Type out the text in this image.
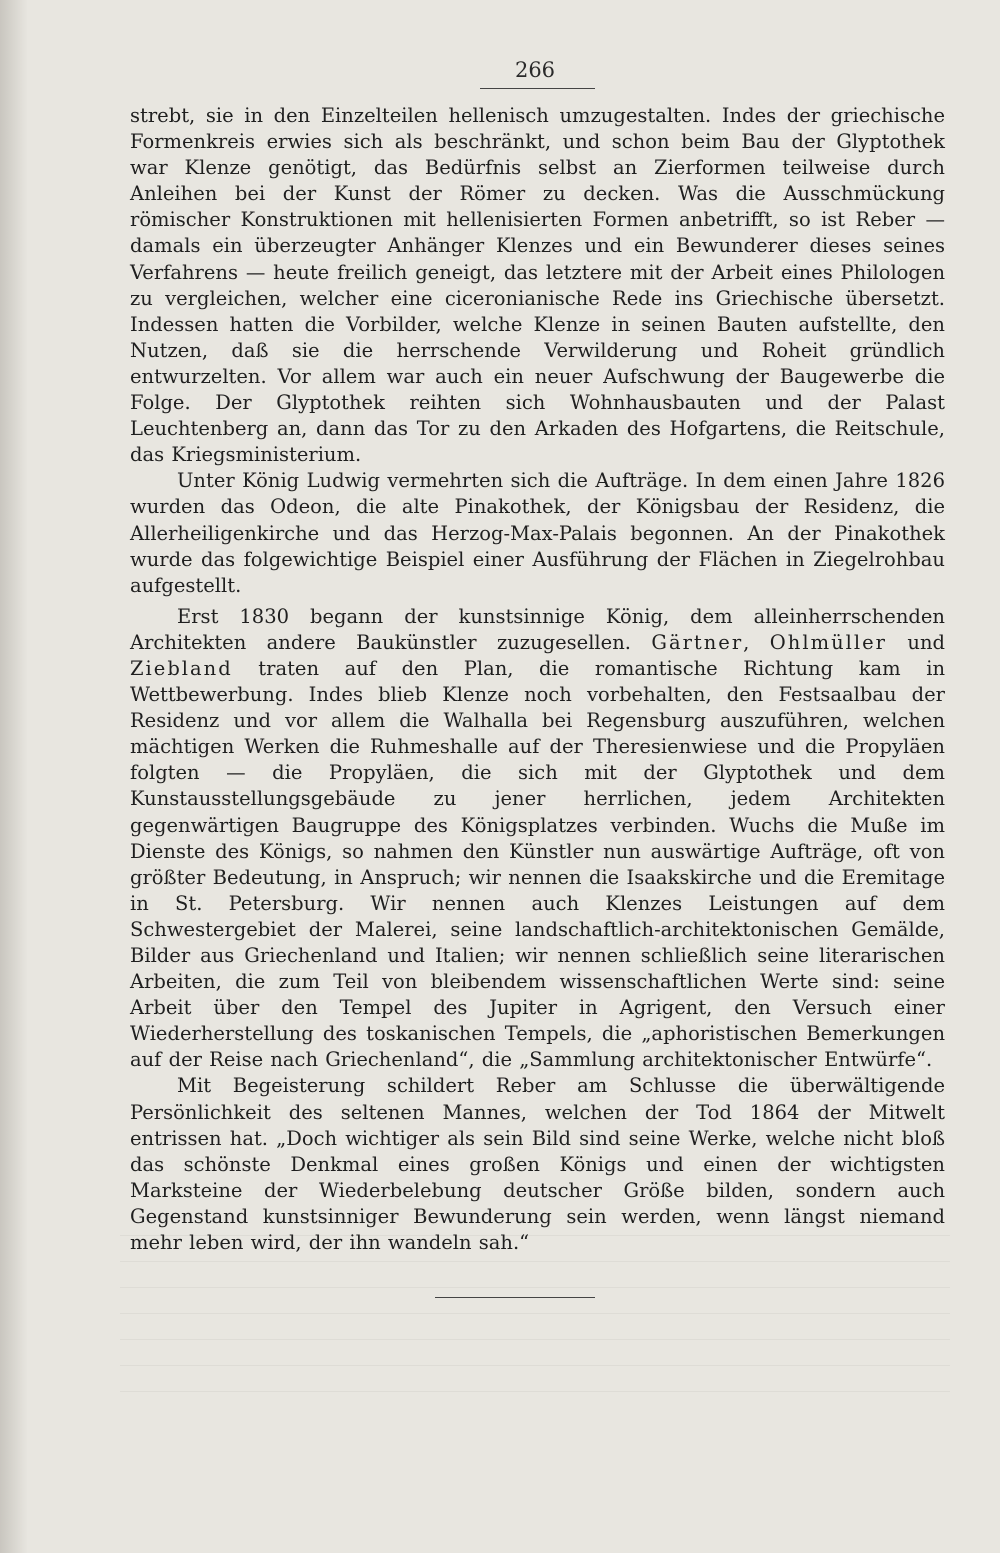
266

strebt, sie in den Einzelteilen hellenisch umzugestalten. Indes der griechische Formenkreis erwies sich als beschränkt, und schon beim Bau der Glyptothek war Klenze genötigt, das Bedürfnis selbst an Zierformen teilweise durch Anleihen bei der Kunst der Römer zu decken. Was die Ausschmückung römischer Konstruktionen mit hellenisierten Formen anbetrifft, so ist Reber — damals ein überzeugter Anhänger Klenzes und ein Bewunderer dieses seines Verfahrens — heute freilich geneigt, das letztere mit der Arbeit eines Philologen zu vergleichen, welcher eine ciceronianische Rede ins Griechische übersetzt. Indessen hatten die Vorbilder, welche Klenze in seinen Bauten aufstellte, den Nutzen, daß sie die herrschende Verwilderung und Roheit gründlich entwurzelten. Vor allem war auch ein neuer Aufschwung der Baugewerbe die Folge. Der Glyptothek reihten sich Wohnhausbauten und der Palast Leuchtenberg an, dann das Tor zu den Arkaden des Hofgartens, die Reitschule, das Kriegsministerium.

Unter König Ludwig vermehrten sich die Aufträge. In dem einen Jahre 1826 wurden das Odeon, die alte Pinakothek, der Königsbau der Residenz, die Allerheiligenkirche und das Herzog-Max-Palais begonnen. An der Pinakothek wurde das folgewichtige Beispiel einer Ausführung der Flächen in Ziegelrohbau aufgestellt.

Erst 1830 begann der kunstsinnige König, dem alleinherrschenden Architekten andere Baukünstler zuzugesellen. Gärtner, Ohlmüller und Ziebland traten auf den Plan, die romantische Richtung kam in Wettbewerbung. Indes blieb Klenze noch vorbehalten, den Festsaalbau der Residenz und vor allem die Walhalla bei Regensburg auszuführen, welchen mächtigen Werken die Ruhmeshalle auf der Theresienwiese und die Propyläen folgten — die Propyläen, die sich mit der Glyptothek und dem Kunstausstellungsgebäude zu jener herrlichen, jedem Architekten gegenwärtigen Baugruppe des Königsplatzes verbinden. Wuchs die Muße im Dienste des Königs, so nahmen den Künstler nun auswärtige Aufträge, oft von größter Bedeutung, in Anspruch; wir nennen die Isaakskirche und die Eremitage in St. Petersburg. Wir nennen auch Klenzes Leistungen auf dem Schwestergebiet der Malerei, seine landschaftlich-architektonischen Gemälde, Bilder aus Griechenland und Italien; wir nennen schließlich seine literarischen Arbeiten, die zum Teil von bleibendem wissenschaftlichen Werte sind: seine Arbeit über den Tempel des Jupiter in Agrigent, den Versuch einer Wiederherstellung des toskanischen Tempels, die „aphoristischen Bemerkungen auf der Reise nach Griechenland“, die „Sammlung architektonischer Entwürfe“.

Mit Begeisterung schildert Reber am Schlusse die überwältigende Persönlichkeit des seltenen Mannes, welchen der Tod 1864 der Mitwelt entrissen hat. „Doch wichtiger als sein Bild sind seine Werke, welche nicht bloß das schönste Denkmal eines großen Königs und einen der wichtigsten Marksteine der Wiederbelebung deutscher Größe bilden, sondern auch Gegenstand kunstsinniger Bewunderung sein werden, wenn längst niemand mehr leben wird, der ihn wandeln sah.“
